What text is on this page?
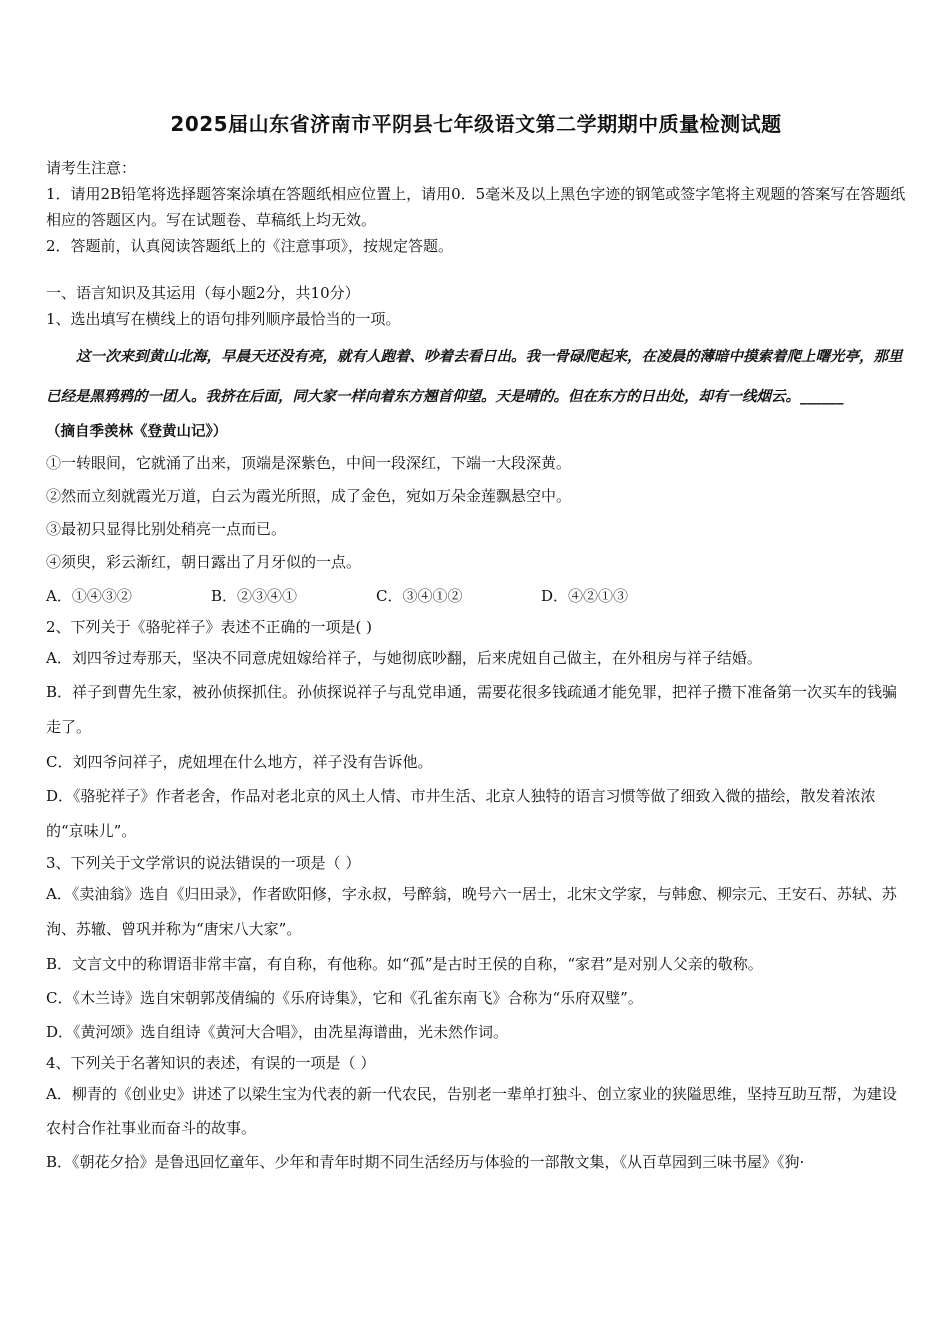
2025届山东省济南市平阴县七年级语文第二学期期中质量检测试题

请考生注意：

1．请用2B铅笔将选择题答案涂填在答题纸相应位置上，请用0．5毫米及以上黑色字迹的钢笔或签字笔将主观题的答案写在答题纸相应的答题区内。写在试题卷、草稿纸上均无效。

2．答题前，认真阅读答题纸上的《注意事项》，按规定答题。

一、语言知识及其运用（每小题2分，共10分）

1、选出填写在横线上的语句排列顺序最恰当的一项。

这一次来到黄山北海，早晨天还没有亮，就有人跑着、吵着去看日出。我一骨碌爬起来，在凌晨的薄暗中摸索着爬上曙光亭，那里已经是黑鸦鸦的一团人。我挤在后面，同大家一样向着东方翘首仰望。天是晴的。但在东方的日出处，却有一线烟云。______

（摘自季羡林《登黄山记》）

①一转眼间，它就涌了出来，顶端是深紫色，中间一段深红，下端一大段深黄。

②然而立刻就霞光万道，白云为霞光所照，成了金色，宛如万朵金莲飘悬空中。

③最初只显得比别处稍亮一点而已。

④须臾，彩云渐红，朝日露出了月牙似的一点。

A．①④③②	B．②③④①	C．③④①②	D．④②①③

2、下列关于《骆驼祥子》表述不正确的一项是( )

A．刘四爷过寿那天，坚决不同意虎妞嫁给祥子，与她彻底吵翻，后来虎妞自己做主，在外租房与祥子结婚。

B．祥子到曹先生家，被孙侦探抓住。孙侦探说祥子与乱党串通，需要花很多钱疏通才能免罪，把祥子攒下准备第一次买车的钱骗走了。

C．刘四爷问祥子，虎妞埋在什么地方，祥子没有告诉他。

D．《骆驼祥子》作者老舍，作品对老北京的风土人情、市井生活、北京人独特的语言习惯等做了细致入微的描绘，散发着浓浓的“京味儿”。

3、下列关于文学常识的说法错误的一项是（ ）

A．《卖油翁》选自《归田录》，作者欧阳修，字永叔，号醉翁，晚号六一居士，北宋文学家，与韩愈、柳宗元、王安石、苏轼、苏洵、苏辙、曾巩并称为“唐宋八大家”。

B．文言文中的称谓语非常丰富，有自称，有他称。如“孤”是古时王侯的自称，“家君”是对别人父亲的敬称。

C．《木兰诗》选自宋朝郭茂倩编的《乐府诗集》，它和《孔雀东南飞》合称为“乐府双璧”。

D．《黄河颂》选自组诗《黄河大合唱》，由冼星海谱曲，光未然作词。

4、下列关于名著知识的表述，有误的一项是（ ）

A．柳青的《创业史》讲述了以梁生宝为代表的新一代农民，告别老一辈单打独斗、创立家业的狭隘思维，坚持互助互帮，为建设农村合作社事业而奋斗的故事。

B．《朝花夕拾》是鲁迅回忆童年、少年和青年时期不同生活经历与体验的一部散文集，《从百草园到三味书屋》《狗·
